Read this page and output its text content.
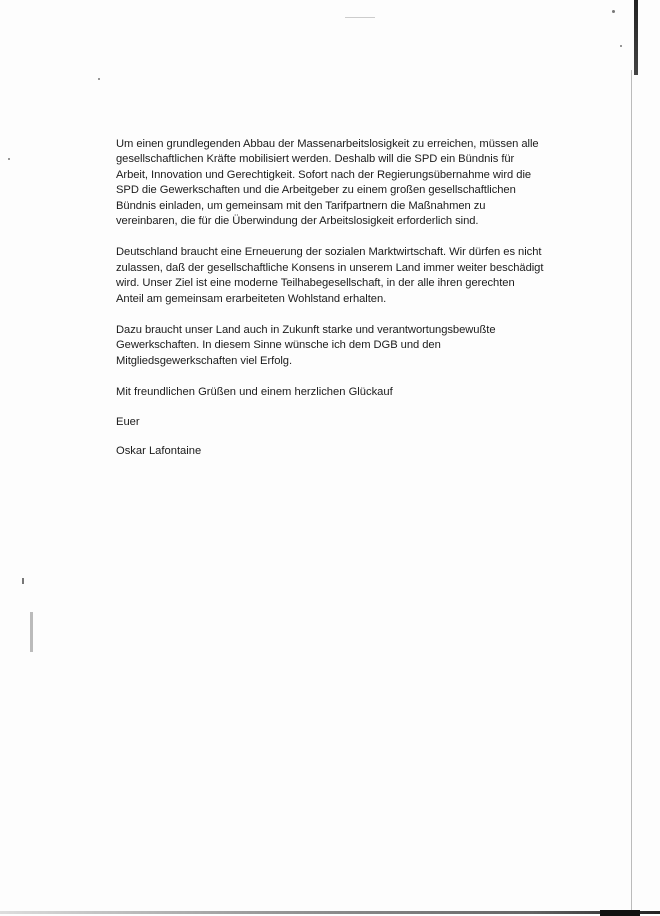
Um einen grundlegenden Abbau der Massenarbeitslosigkeit zu erreichen, müssen alle
gesellschaftlichen Kräfte mobilisiert werden. Deshalb will die SPD ein Bündnis für
Arbeit, Innovation und Gerechtigkeit. Sofort nach der Regierungsübernahme wird die
SPD die Gewerkschaften und die Arbeitgeber zu einem großen gesellschaftlichen
Bündnis einladen, um gemeinsam mit den Tarifpartnern die Maßnahmen zu
vereinbaren, die für die Überwindung der Arbeitslosigkeit erforderlich sind.

Deutschland braucht eine Erneuerung der sozialen Marktwirtschaft. Wir dürfen es nicht
zulassen, daß der gesellschaftliche Konsens in unserem Land immer weiter beschädigt
wird. Unser Ziel ist eine moderne Teilhabegesellschaft, in der alle ihren gerechten
Anteil am gemeinsam erarbeiteten Wohlstand erhalten.

Dazu braucht unser Land auch in Zukunft starke und verantwortungsbewußte
Gewerkschaften. In diesem Sinne wünsche ich dem DGB und den
Mitgliedsgewerkschaften viel Erfolg.

Mit freundlichen Grüßen und einem herzlichen Glückauf

Euer

Oskar Lafontaine
